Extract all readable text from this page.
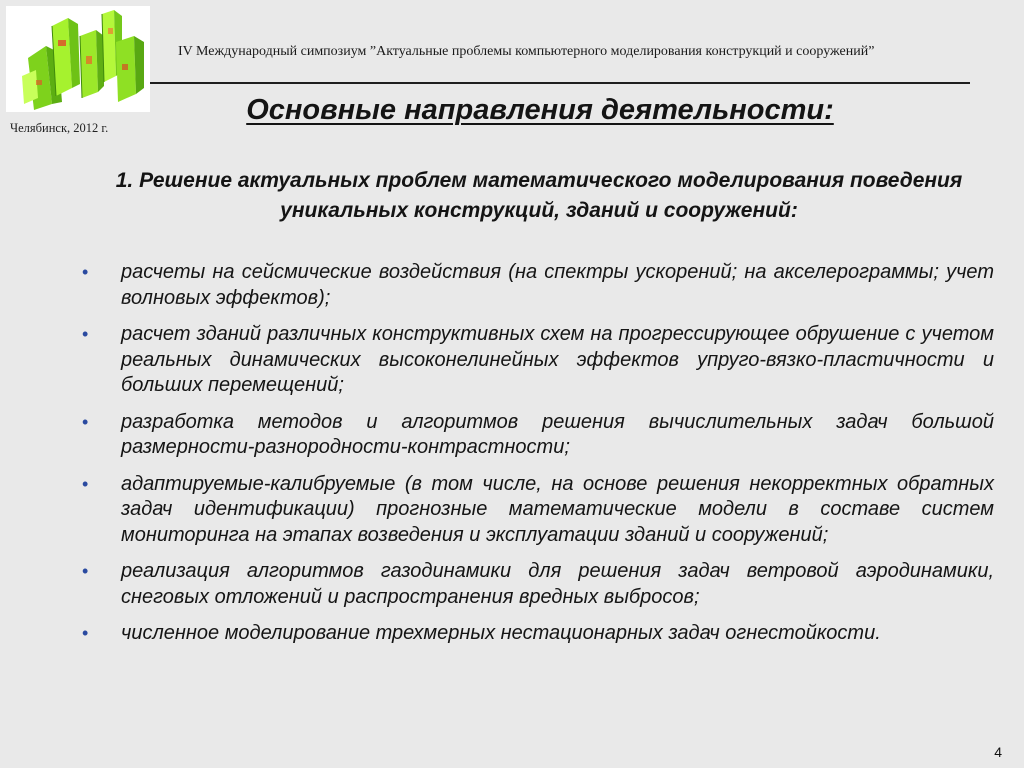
Челябинск, 2012 г.
IV Международный симпозиум ”Актуальные проблемы компьютерного моделирования конструкций и сооружений”
Основные направления деятельности:
1. Решение актуальных проблем математического моделирования поведения уникальных конструкций, зданий и сооружений:
• расчеты на сейсмические воздействия (на спектры ускорений; на акселерограммы; учет волновых эффектов);
• расчет зданий различных конструктивных схем на прогрессирующее обрушение с учетом реальных динамических высоконелинейных эффектов упруго-вязко-пластичности и больших перемещений;
• разработка методов и алгоритмов решения вычислительных задач большой размерности-разнородности-контрастности;
• адаптируемые-калибруемые (в том числе, на основе решения некорректных обратных задач идентификации) прогнозные математические модели в составе систем мониторинга на этапах возведения и эксплуатации зданий и сооружений;
• реализация алгоритмов газодинамики для решения задач ветровой аэродинамики, снеговых отложений и распространения вредных выбросов;
• численное моделирование трехмерных нестационарных задач огнестойкости.
4
